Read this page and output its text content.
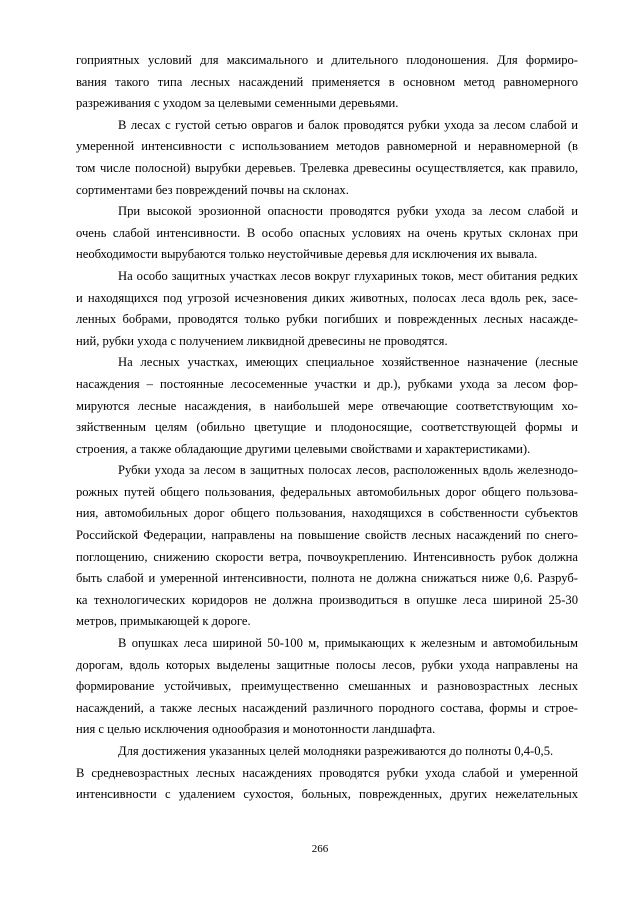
гоприятных условий для максимального и длительного плодоношения. Для формиро-
вания такого типа лесных насаждений применяется в основном метод равномерного
разреживания с уходом за целевыми семенными деревьями.

В лесах с густой сетью оврагов и балок проводятся рубки ухода за лесом слабой и
умеренной интенсивности с использованием методов равномерной и неравномерной (в
том числе полосной) вырубки деревьев. Трелевка древесины осуществляется, как правило,
сортиментами без повреждений почвы на склонах.

При высокой эрозионной опасности проводятся рубки ухода за лесом слабой и
очень слабой интенсивности. В особо опасных условиях на очень крутых склонах при
необходимости вырубаются только неустойчивые деревья для исключения их вывала.

На особо защитных участках лесов вокруг глухариных токов, мест обитания редких
и находящихся под угрозой исчезновения диких животных, полосах леса вдоль рек, засе-
ленных бобрами, проводятся только рубки погибших и поврежденных лесных насажде-
ний, рубки ухода с получением ликвидной древесины не проводятся.

На лесных участках, имеющих специальное хозяйственное назначение (лесные
насаждения – постоянные лесосеменные участки и др.), рубками ухода за лесом фор-
мируются лесные насаждения, в наибольшей мере отвечающие соответствующим хо-
зяйственным целям (обильно цветущие и плодоносящие, соответствующей формы и
строения, а также обладающие другими целевыми свойствами и характеристиками).

Рубки ухода за лесом в защитных полосах лесов, расположенных вдоль железнодо-
рожных путей общего пользования, федеральных автомобильных дорог общего пользова-
ния, автомобильных дорог общего пользования, находящихся в собственности субъектов
Российской Федерации, направлены на повышение свойств лесных насаждений по снего-
поглощению, снижению скорости ветра, почвоукреплению. Интенсивность рубок должна
быть слабой и умеренной интенсивности, полнота не должна снижаться ниже 0,6. Разруб-
ка технологических коридоров не должна производиться в опушке леса шириной 25-30
метров, примыкающей к дороге.

В опушках леса шириной 50-100 м, примыкающих к железным и автомобильным
дорогам, вдоль которых выделены защитные полосы лесов, рубки ухода направлены на
формирование устойчивых, преимущественно смешанных и разновозрастных лесных
насаждений, а также лесных насаждений различного породного состава, формы и строе-
ния с целью исключения однообразия и монотонности ландшафта.

Для достижения указанных целей молодняки разреживаются до полноты 0,4-0,5.
В средневозрастных лесных насаждениях проводятся рубки ухода слабой и умеренной
интенсивности с удалением сухостоя, больных, поврежденных, других нежелательных

266
